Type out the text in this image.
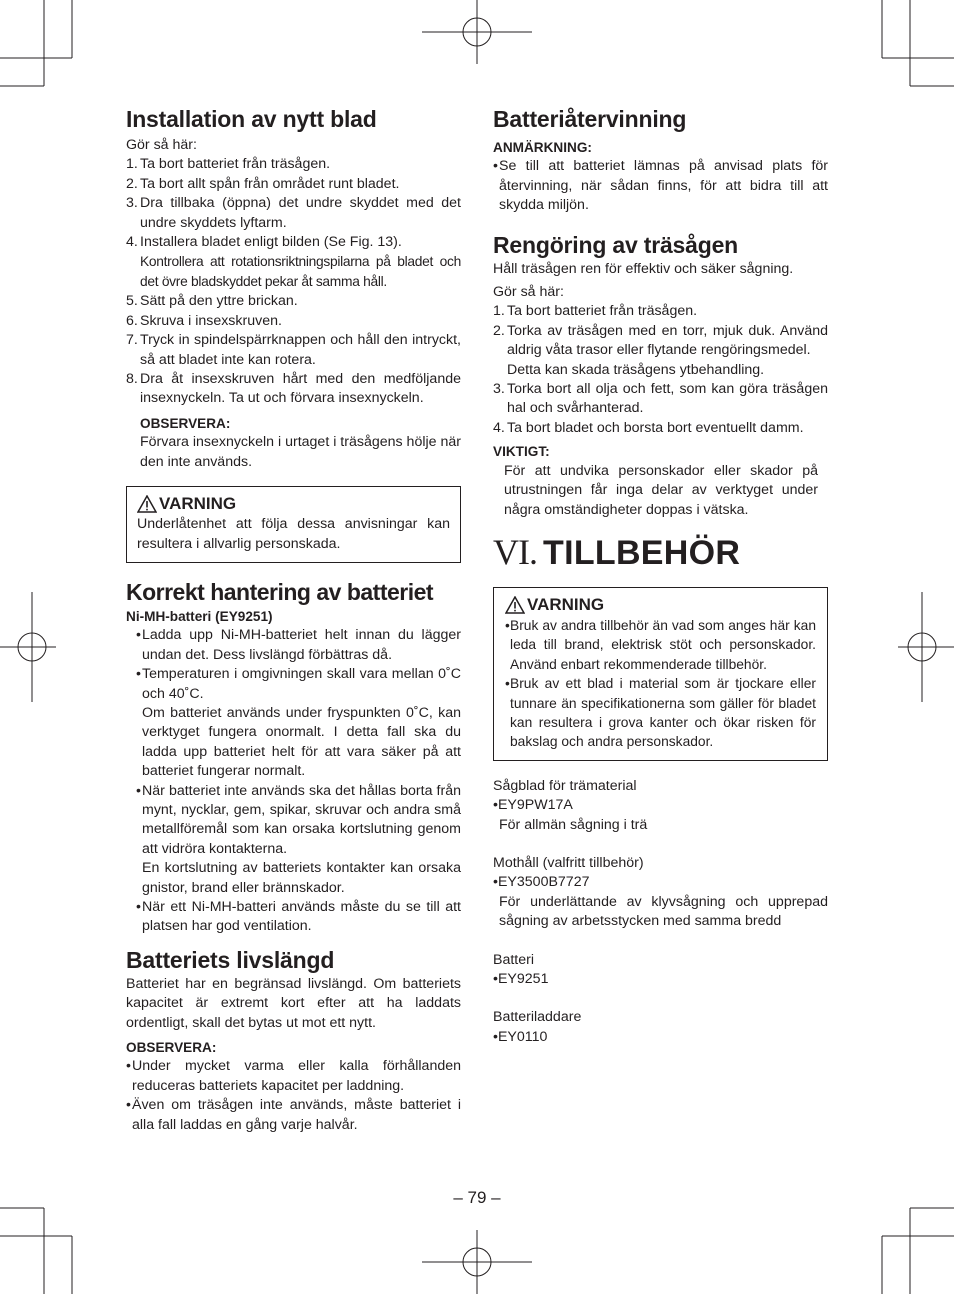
Installation av nytt blad

Gör så här:

1. Ta bort batteriet från träsågen.
2. Ta bort allt spån från området runt bladet.
3. Dra tillbaka (öppna) det undre skyddet med det undre skyddets lyftarm.
4. Installera bladet enligt bilden (Se Fig. 13).
Kontrollera att rotationsriktningspilarna på bladet och det övre bladskyddet pekar åt samma håll.
5. Sätt på den yttre brickan.
6. Skruva i insexskruven.
7. Tryck in spindelspärrknappen och håll den intryckt, så att bladet inte kan rotera.
8. Dra åt insexskruven hårt med den medföljande insexnyckeln. Ta ut och förvara insexnyckeln.

OBSERVERA:

Förvara insexnyckeln i urtaget i träsågens hölje när den inte används.

VARNING

Underlåtenhet att följa dessa anvisningar kan resultera i allvarlig personskada.

Korrekt hantering av batteriet

Ni-MH-batteri (EY9251)

• Ladda upp Ni-MH-batteriet helt innan du lägger undan det. Dess livslängd förbättras då.
• Temperaturen i omgivningen skall vara mellan 0˚C och 40˚C.
Om batteriet används under fryspunkten 0˚C, kan verktyget fungera onormalt. I detta fall ska du ladda upp batteriet helt för att vara säker på att batteriet fungerar normalt.
• När batteriet inte används ska det hållas borta från mynt, nycklar, gem, spikar, skruvar och andra små metallföremål som kan orsaka kortslutning genom att vidröra kontakterna.
En kortslutning av batteriets kontakter kan orsaka gnistor, brand eller brännskador.
• När ett Ni-MH-batteri används måste du se till att platsen har god ventilation.
Batteriets livslängd

Batteriet har en begränsad livslängd. Om batteriets kapacitet är extremt kort efter att ha laddats ordentligt, skall det bytas ut mot ett nytt.

OBSERVERA:

• Under mycket varma eller kalla förhållanden reduceras batteriets kapacitet per laddning.
• Även om träsågen inte används, måste batteriet i alla fall laddas en gång varje halvår.
Batteriåtervinning

ANMÄRKNING:

• Se till att batteriet lämnas på anvisad plats för återvinning, när sådan finns, för att bidra till att skydda miljön.
Rengöring av träsågen

Håll träsågen ren för effektiv och säker sågning.

Gör så här:

1. Ta bort batteriet från träsågen.
2. Torka av träsågen med en torr, mjuk duk. Använd aldrig våta trasor eller flytande rengöringsmedel.
Detta kan skada träsågens ytbehandling.
3. Torka bort all olja och fett, som kan göra träsågen hal och svårhanterad.
4. Ta bort bladet och borsta bort eventuellt damm.

VIKTIGT:

För att undvika personskador eller skador på utrustningen får inga delar av verktyget under några omständigheter doppas i vätska.

VI. TILLBEHÖR
VARNING
• Bruk av andra tillbehör än vad som anges här kan leda till brand, elektrisk stöt och personskador. Använd enbart rekommenderade tillbehör.
• Bruk av ett blad i material som är tjockare eller tunnare än specifikationerna som gäller för bladet kan resultera i grova kanter och ökar risken för bakslag och andra personskador.

Sågblad för trämaterial

•EY9PW17A

För allmän sågning i trä

Mothåll (valfritt tillbehör)

•EY3500B7727

För underlättande av klyvsågning och upprepad sågning av arbetsstycken med samma bredd

Batteri

•EY9251

Batteriladdare

•EY0110

– 79 –
